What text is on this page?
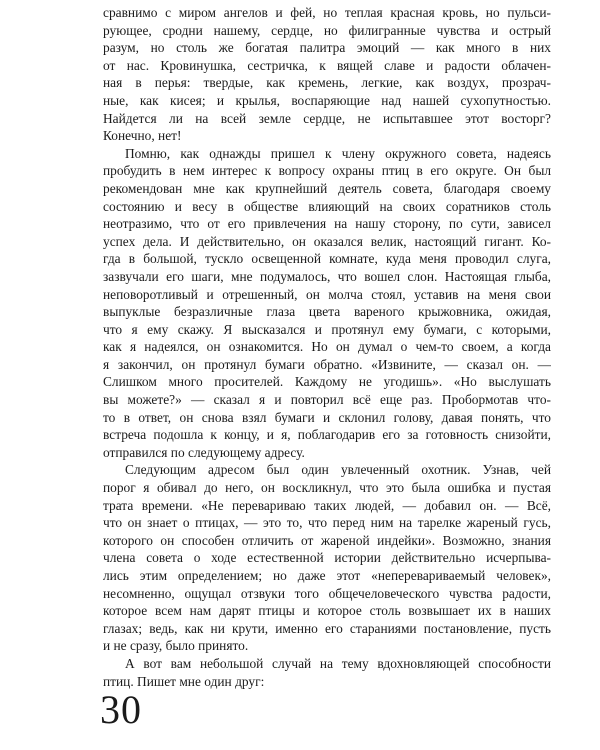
сравнимо с миром ангелов и фей, но теплая красная кровь, но пульси-
рующее, сродни нашему, сердце, но филигранные чувства и острый
разум, но столь же богатая палитра эмоций — как много в них
от нас. Кровинушка, сестричка, к вящей славе и радости облачен-
ная в перья: твердые, как кремень, легкие, как воздух, прозрач-
ные, как кисея; и крылья, воспаряющие над нашей сухопутностью.
Найдется ли на всей земле сердце, не испытавшее этот восторг?
Конечно, нет!
Помню, как однажды пришел к члену окружного совета, надеясь
пробудить в нем интерес к вопросу охраны птиц в его округе. Он был
рекомендован мне как крупнейший деятель совета, благодаря своему
состоянию и весу в обществе влияющий на своих соратников столь
неотразимо, что от его привлечения на нашу сторону, по сути, зависел
успех дела. И действительно, он оказался велик, настоящий гигант. Ко-
гда в большой, тускло освещенной комнате, куда меня проводил слуга,
зазвучали его шаги, мне подумалось, что вошел слон. Настоящая глыба,
неповоротливый и отрешенный, он молча стоял, уставив на меня свои
выпуклые безразличные глаза цвета вареного крыжовника, ожидая,
что я ему скажу. Я высказался и протянул ему бумаги, с которыми,
как я надеялся, он ознакомится. Но он думал о чем-то своем, а когда
я закончил, он протянул бумаги обратно. «Извините, — сказал он. —
Слишком много просителей. Каждому не угодишь». «Но выслушать
вы можете?» — сказал я и повторил всё еще раз. Пробормотав что-
то в ответ, он снова взял бумаги и склонил голову, давая понять, что
встреча подошла к концу, и я, поблагодарив его за готовность снизойти,
отправился по следующему адресу.
Следующим адресом был один увлеченный охотник. Узнав, чей
порог я обивал до него, он воскликнул, что это была ошибка и пустая
трата времени. «Не перевариваю таких людей, — добавил он. — Всё,
что он знает о птицах, — это то, что перед ним на тарелке жареный гусь,
которого он способен отличить от жареной индейки». Возможно, знания
члена совета о ходе естественной истории действительно исчерпыва-
лись этим определением; но даже этот «неперевариваемый человек»,
несомненно, ощущал отзвуки того общечеловеческого чувства радости,
которое всем нам дарят птицы и которое столь возвышает их в наших
глазах; ведь, как ни крути, именно его стараниями постановление, пусть
и не сразу, было принято.
А вот вам небольшой случай на тему вдохновляющей способности
птиц. Пишет мне один друг:
30
